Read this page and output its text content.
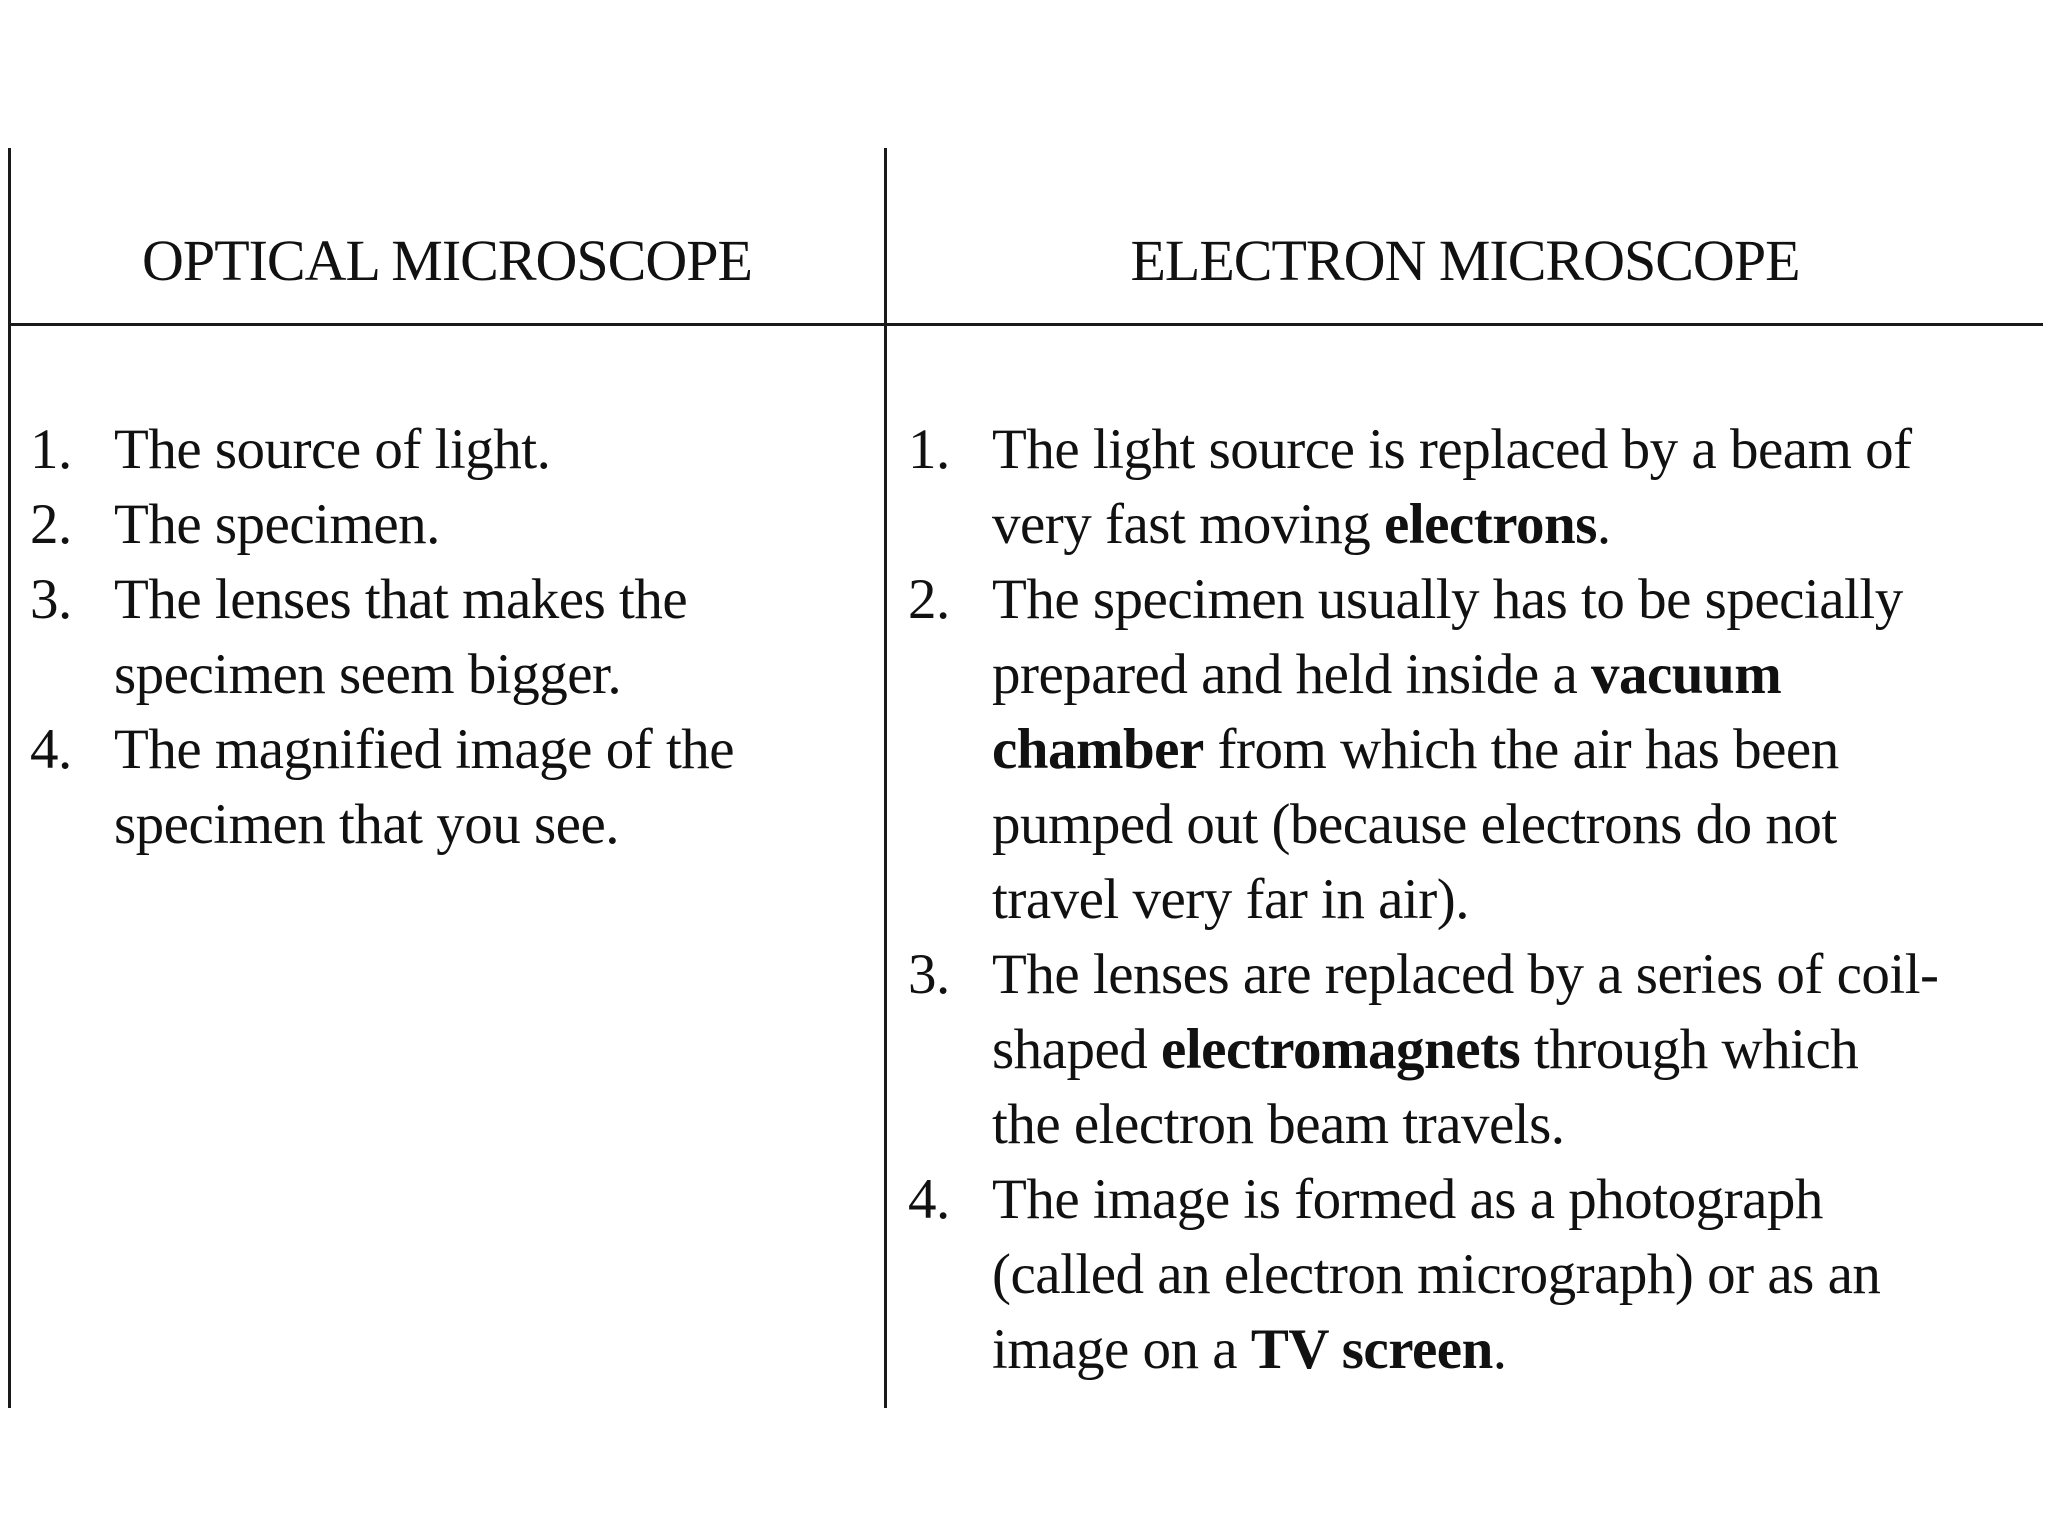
OPTICAL MICROSCOPE	ELECTRON MICROSCOPE
1. The source of light.
2. The specimen.
3. The lenses that makes the
specimen seem bigger.
4. The magnified image of the
specimen that you see.
1. The light source is replaced by a beam of
very fast moving electrons.
2. The specimen usually has to be specially
prepared and held inside a vacuum
chamber from which the air has been
pumped out (because electrons do not
travel very far in air).
3. The lenses are replaced by a series of coil-
shaped electromagnets through which
the electron beam travels.
4. The image is formed as a photograph
(called an electron micrograph) or as an
image on a TV screen.
